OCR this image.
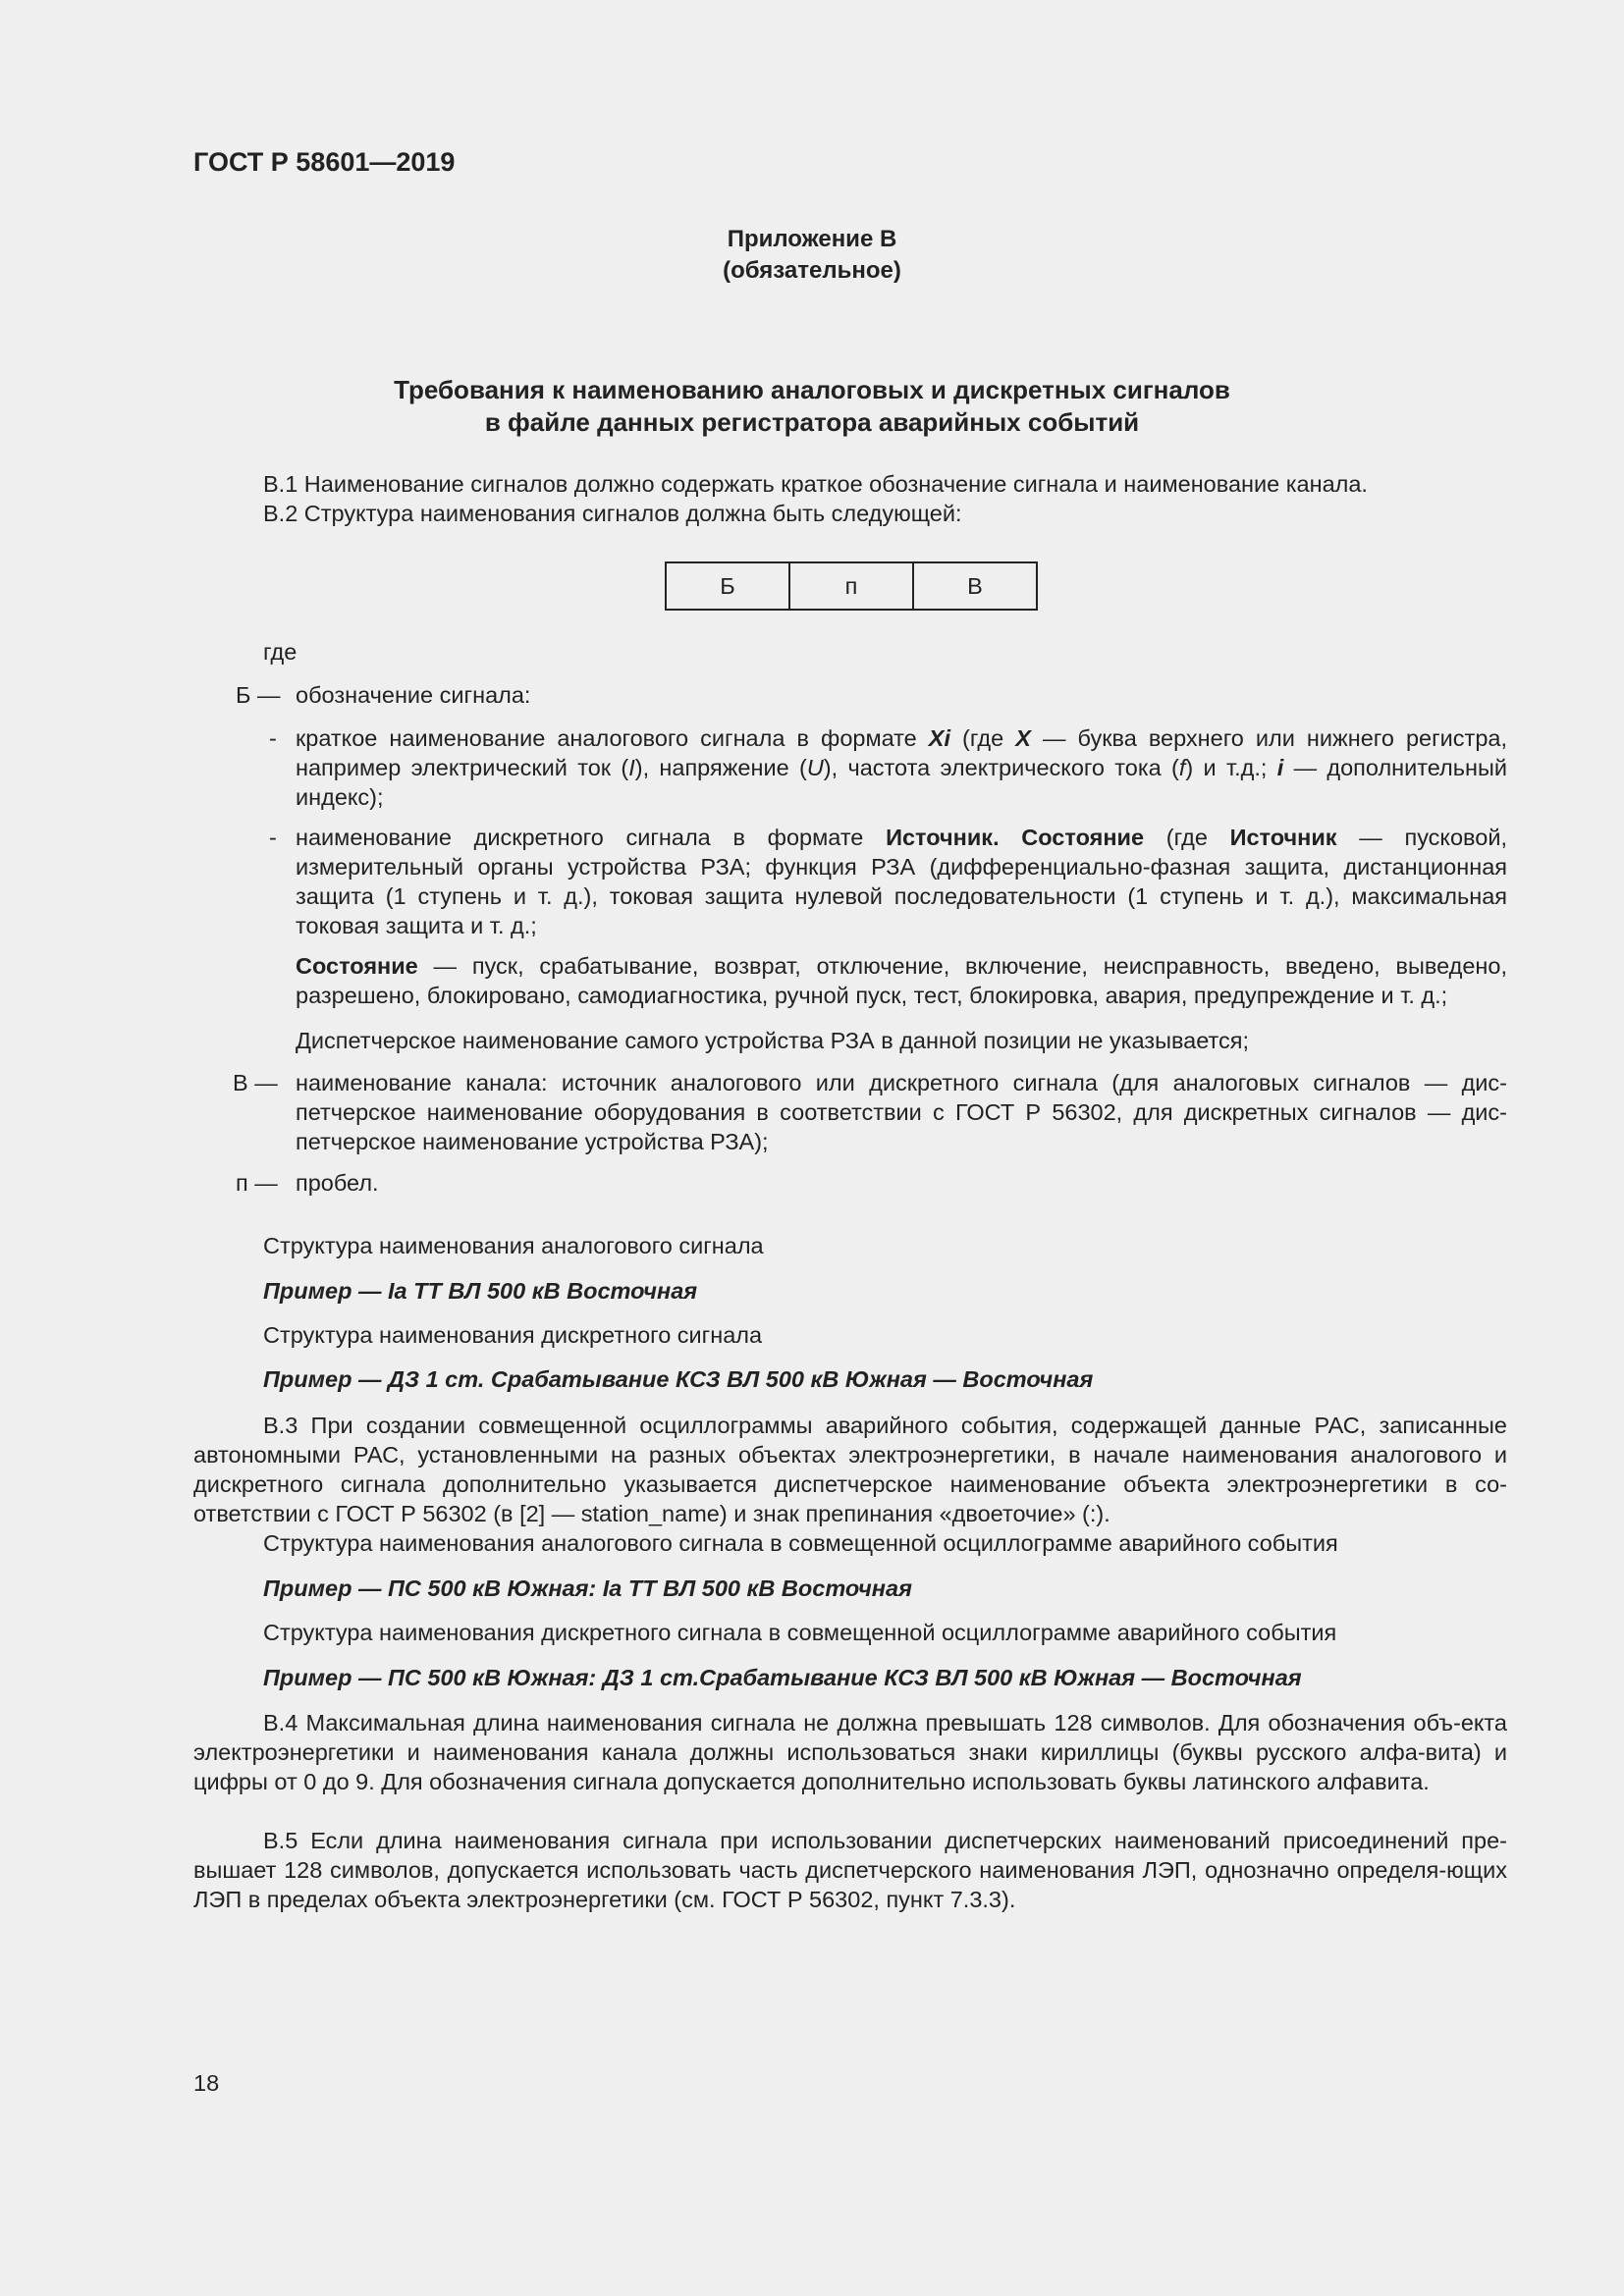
ГОСТ Р 58601—2019
Приложение В
(обязательное)
Требования к наименованию аналоговых и дискретных сигналов
в файле данных регистратора аварийных событий
В.1 Наименование сигналов должно содержать краткое обозначение сигнала и наименование канала.
В.2 Структура наименования сигналов должна быть следующей:
Б	п	В
где
Б — обозначение сигнала:
- краткое наименование аналогового сигнала в формате Xi (где X — буква верхнего или нижнего регистра, например электрический ток (I), напряжение (U), частота электрического тока (f) и т.д.; i — дополнительный индекс);
- наименование дискретного сигнала в формате Источник. Состояние (где Источник — пусковой, измерительный органы устройства РЗА; функция РЗА (дифференциально-фазная защита, дистанционная защита (1 ступень и т. д.), токовая защита нулевой последовательности (1 ступень и т. д.), максимальная токовая защита и т. д.;
Состояние — пуск, срабатывание, возврат, отключение, включение, неисправность, введено, выведено, разрешено, блокировано, самодиагностика, ручной пуск, тест, блокировка, авария, предупреждение и т. д.;
Диспетчерское наименование самого устройства РЗА в данной позиции не указывается;
В — наименование канала: источник аналогового или дискретного сигнала (для аналоговых сигналов — дис-петчерское наименование оборудования в соответствии с ГОСТ Р 56302, для дискретных сигналов — дис-петчерское наименование устройства РЗА);
п — пробел.
Структура наименования аналогового сигнала
Пример — Ia ТТ ВЛ 500 кВ Восточная
Структура наименования дискретного сигнала
Пример — ДЗ 1 ст. Срабатывание КСЗ ВЛ 500 кВ Южная — Восточная
В.3 При создании совмещенной осциллограммы аварийного события, содержащей данные РАС, записанные автономными РАС, установленными на разных объектах электроэнергетики, в начале наименования аналогового и дискретного сигнала дополнительно указывается диспетчерское наименование объекта электроэнергетики в со-ответствии с ГОСТ Р 56302 (в [2] — station_name) и знак препинания «двоеточие» (:).
Структура наименования аналогового сигнала в совмещенной осциллограмме аварийного события
Пример — ПС 500 кВ Южная: Ia ТТ ВЛ 500 кВ Восточная
Структура наименования дискретного сигнала в совмещенной осциллограмме аварийного события
Пример — ПС 500 кВ Южная: ДЗ 1 ст.Срабатывание КСЗ ВЛ 500 кВ Южная — Восточная
В.4 Максимальная длина наименования сигнала не должна превышать 128 символов. Для обозначения объ-екта электроэнергетики и наименования канала должны использоваться знаки кириллицы (буквы русского алфа-вита) и цифры от 0 до 9. Для обозначения сигнала допускается дополнительно использовать буквы латинского алфавита.
В.5 Если длина наименования сигнала при использовании диспетчерских наименований присоединений пре-вышает 128 символов, допускается использовать часть диспетчерского наименования ЛЭП, однозначно определя-ющих ЛЭП в пределах объекта электроэнергетики (см. ГОСТ Р 56302, пункт 7.3.3).
18
